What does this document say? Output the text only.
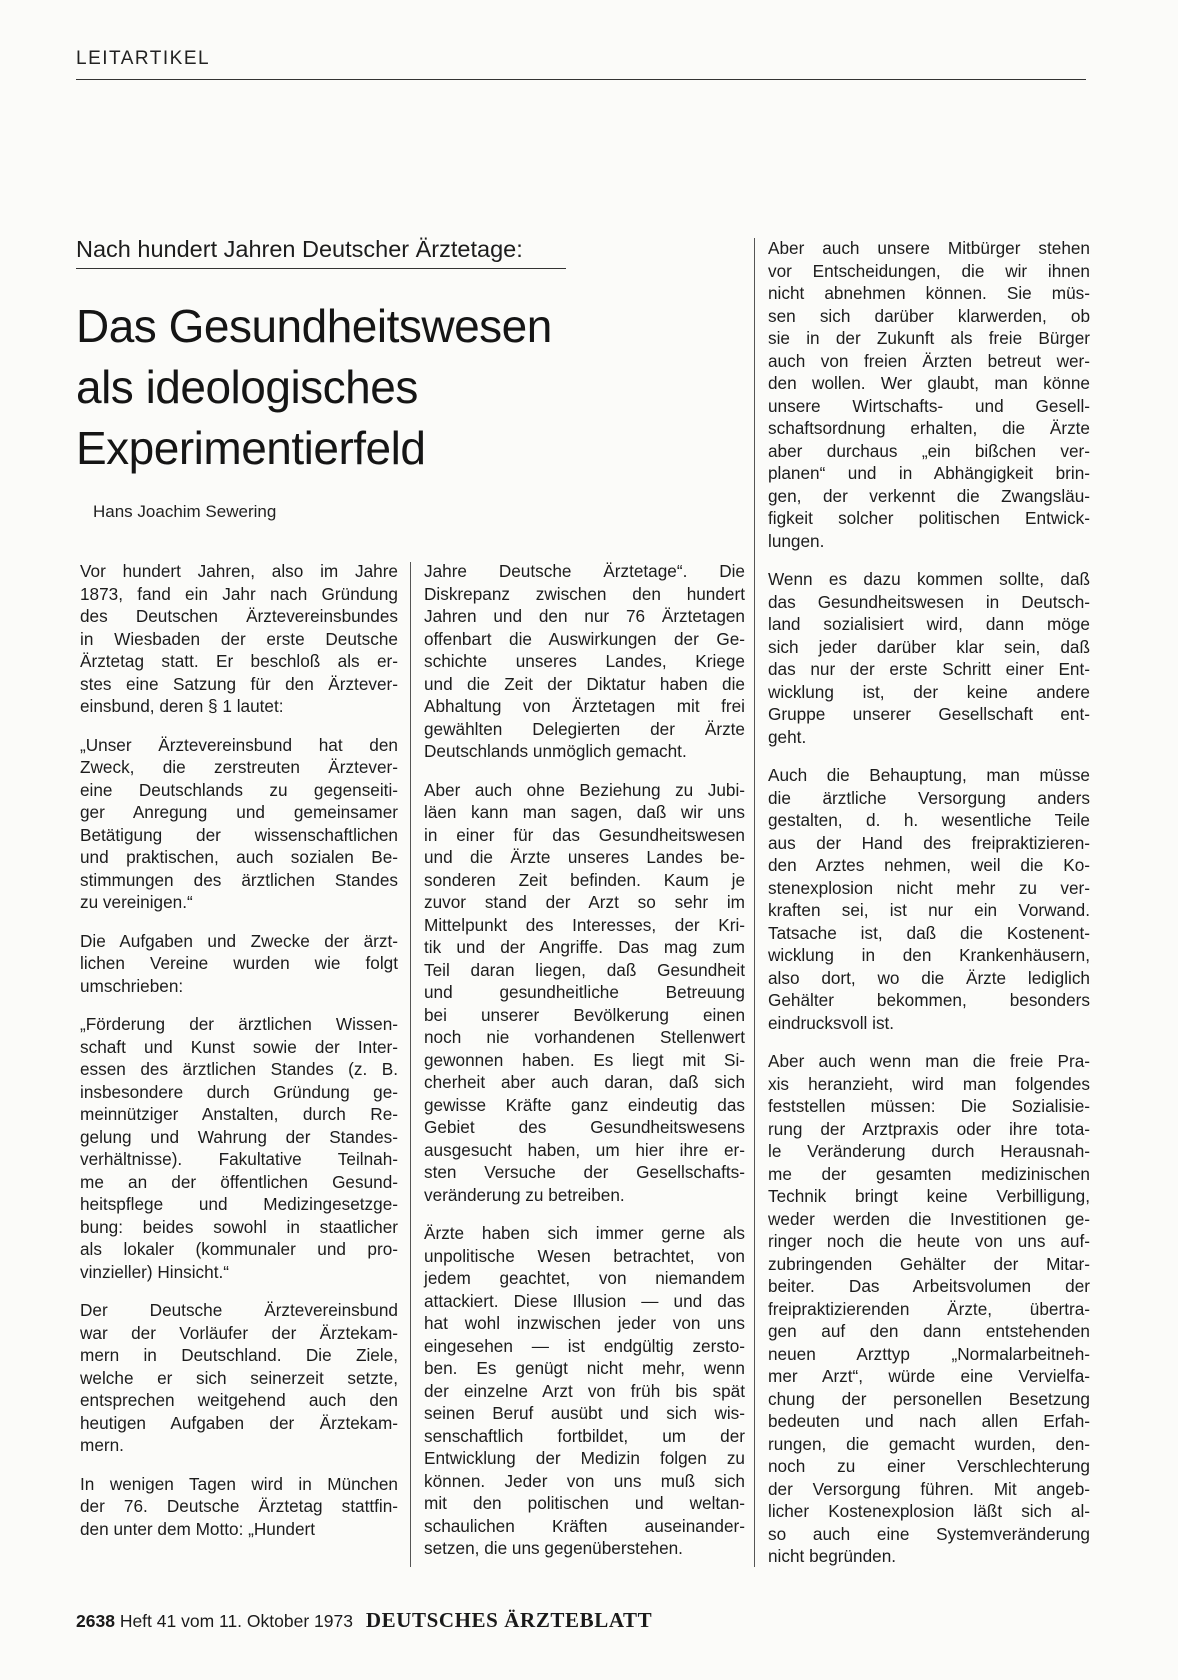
LEITARTIKEL
Nach hundert Jahren Deutscher Ärztetage:
Das Gesundheitswesen
als ideologisches
Experimentierfeld
Hans Joachim Sewering

Vor hundert Jahren, also im Jahre
1873, fand ein Jahr nach Gründung
des Deutschen Ärztevereinsbundes
in Wiesbaden der erste Deutsche
Ärztetag statt. Er beschloß als er-
stes eine Satzung für den Ärztever-
einsbund, deren § 1 lautet:

„Unser Ärztevereinsbund hat den
Zweck, die zerstreuten Ärztever-
eine Deutschlands zu gegenseiti-
ger Anregung und gemeinsamer
Betätigung der wissenschaftlichen
und praktischen, auch sozialen Be-
stimmungen des ärztlichen Standes
zu vereinigen.“

Die Aufgaben und Zwecke der ärzt-
lichen Vereine wurden wie folgt
umschrieben:

„Förderung der ärztlichen Wissen-
schaft und Kunst sowie der Inter-
essen des ärztlichen Standes (z. B.
insbesondere durch Gründung ge-
meinnütziger Anstalten, durch Re-
gelung und Wahrung der Standes-
verhältnisse). Fakultative Teilnah-
me an der öffentlichen Gesund-
heitspflege und Medizingesetzge-
bung: beides sowohl in staatlicher
als lokaler (kommunaler und pro-
vinzieller) Hinsicht.“

Der Deutsche Ärztevereinsbund
war der Vorläufer der Ärztekam-
mern in Deutschland. Die Ziele,
welche er sich seinerzeit setzte,
entsprechen weitgehend auch den
heutigen Aufgaben der Ärztekam-
mern.

In wenigen Tagen wird in München
der 76. Deutsche Ärztetag stattfin-
den unter dem Motto: „Hundert

Jahre Deutsche Ärztetage“. Die
Diskrepanz zwischen den hundert
Jahren und den nur 76 Ärztetagen
offenbart die Auswirkungen der Ge-
schichte unseres Landes, Kriege
und die Zeit der Diktatur haben die
Abhaltung von Ärztetagen mit frei
gewählten Delegierten der Ärzte
Deutschlands unmöglich gemacht.

Aber auch ohne Beziehung zu Jubi-
läen kann man sagen, daß wir uns
in einer für das Gesundheitswesen
und die Ärzte unseres Landes be-
sonderen Zeit befinden. Kaum je
zuvor stand der Arzt so sehr im
Mittelpunkt des Interesses, der Kri-
tik und der Angriffe. Das mag zum
Teil daran liegen, daß Gesundheit
und gesundheitliche Betreuung
bei unserer Bevölkerung einen
noch nie vorhandenen Stellenwert
gewonnen haben. Es liegt mit Si-
cherheit aber auch daran, daß sich
gewisse Kräfte ganz eindeutig das
Gebiet des Gesundheitswesens
ausgesucht haben, um hier ihre er-
sten Versuche der Gesellschafts-
veränderung zu betreiben.

Ärzte haben sich immer gerne als
unpolitische Wesen betrachtet, von
jedem geachtet, von niemandem
attackiert. Diese Illusion — und das
hat wohl inzwischen jeder von uns
eingesehen — ist endgültig zersto-
ben. Es genügt nicht mehr, wenn
der einzelne Arzt von früh bis spät
seinen Beruf ausübt und sich wis-
senschaftlich fortbildet, um der
Entwicklung der Medizin folgen zu
können. Jeder von uns muß sich
mit den politischen und weltan-
schaulichen Kräften auseinander-
setzen, die uns gegenüberstehen.

Aber auch unsere Mitbürger stehen
vor Entscheidungen, die wir ihnen
nicht abnehmen können. Sie müs-
sen sich darüber klarwerden, ob
sie in der Zukunft als freie Bürger
auch von freien Ärzten betreut wer-
den wollen. Wer glaubt, man könne
unsere Wirtschafts- und Gesell-
schaftsordnung erhalten, die Ärzte
aber durchaus „ein bißchen ver-
planen“ und in Abhängigkeit brin-
gen, der verkennt die Zwangsläu-
figkeit solcher politischen Entwick-
lungen.

Wenn es dazu kommen sollte, daß
das Gesundheitswesen in Deutsch-
land sozialisiert wird, dann möge
sich jeder darüber klar sein, daß
das nur der erste Schritt einer Ent-
wicklung ist, der keine andere
Gruppe unserer Gesellschaft ent-
geht.

Auch die Behauptung, man müsse
die ärztliche Versorgung anders
gestalten, d. h. wesentliche Teile
aus der Hand des freipraktizieren-
den Arztes nehmen, weil die Ko-
stenexplosion nicht mehr zu ver-
kraften sei, ist nur ein Vorwand.
Tatsache ist, daß die Kostenent-
wicklung in den Krankenhäusern,
also dort, wo die Ärzte lediglich
Gehälter bekommen, besonders
eindrucksvoll ist.

Aber auch wenn man die freie Pra-
xis heranzieht, wird man folgendes
feststellen müssen: Die Sozialisie-
rung der Arztpraxis oder ihre tota-
le Veränderung durch Herausnah-
me der gesamten medizinischen
Technik bringt keine Verbilligung,
weder werden die Investitionen ge-
ringer noch die heute von uns auf-
zubringenden Gehälter der Mitar-
beiter. Das Arbeitsvolumen der
freipraktizierenden Ärzte, übertra-
gen auf den dann entstehenden
neuen Arzttyp „Normalarbeitneh-
mer Arzt“, würde eine Vervielfa-
chung der personellen Besetzung
bedeuten und nach allen Erfah-
rungen, die gemacht wurden, den-
noch zu einer Verschlechterung
der Versorgung führen. Mit angeb-
licher Kostenexplosion läßt sich al-
so auch eine Systemveränderung
nicht begründen.

2638 Heft 41 vom 11. Oktober 1973 DEUTSCHES ÄRZTEBLATT
